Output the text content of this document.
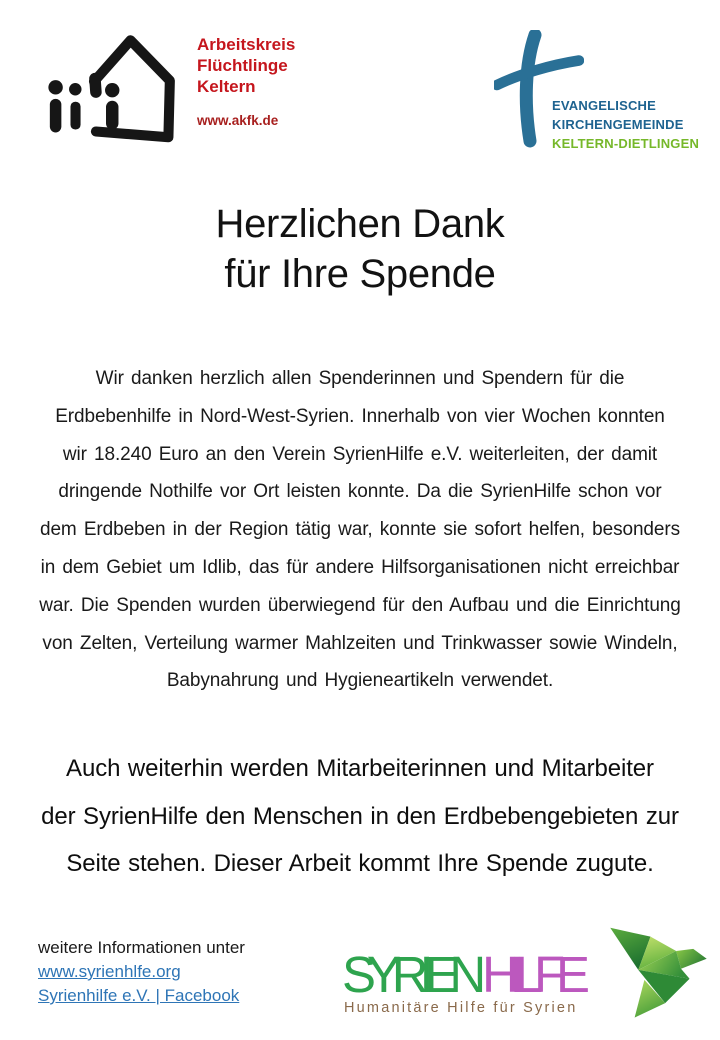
Arbeitskreis
Flüchtlinge
Keltern
www.akfk.de
EVANGELISCHE
KIRCHENGEMEINDE
KELTERN-DIETLINGEN
Herzlichen Dank
für Ihre Spende
Wir danken herzlich allen Spenderinnen und Spendern für die
Erdbebenhilfe in Nord-West-Syrien. Innerhalb von vier Wochen konnten
wir 18.240 Euro an den Verein SyrienHilfe e.V. weiterleiten, der damit
dringende Nothilfe vor Ort leisten konnte. Da die SyrienHilfe schon vor
dem Erdbeben in der Region tätig war, konnte sie sofort helfen, besonders
in dem Gebiet um Idlib, das für andere Hilfsorganisationen nicht erreichbar
war. Die Spenden wurden überwiegend für den Aufbau und die Einrichtung
von Zelten, Verteilung warmer Mahlzeiten und Trinkwasser sowie Windeln,
Babynahrung und Hygieneartikeln verwendet.
Auch weiterhin werden Mitarbeiterinnen und Mitarbeiter
der SyrienHilfe den Menschen in den Erdbebengebieten zur
Seite stehen. Dieser Arbeit kommt Ihre Spende zugute.
weitere Informationen unter
www.syrienhlfe.org
Syrienhilfe e.V. | Facebook SYRIEN HILFE
Humanitäre Hilfe für Syrien
